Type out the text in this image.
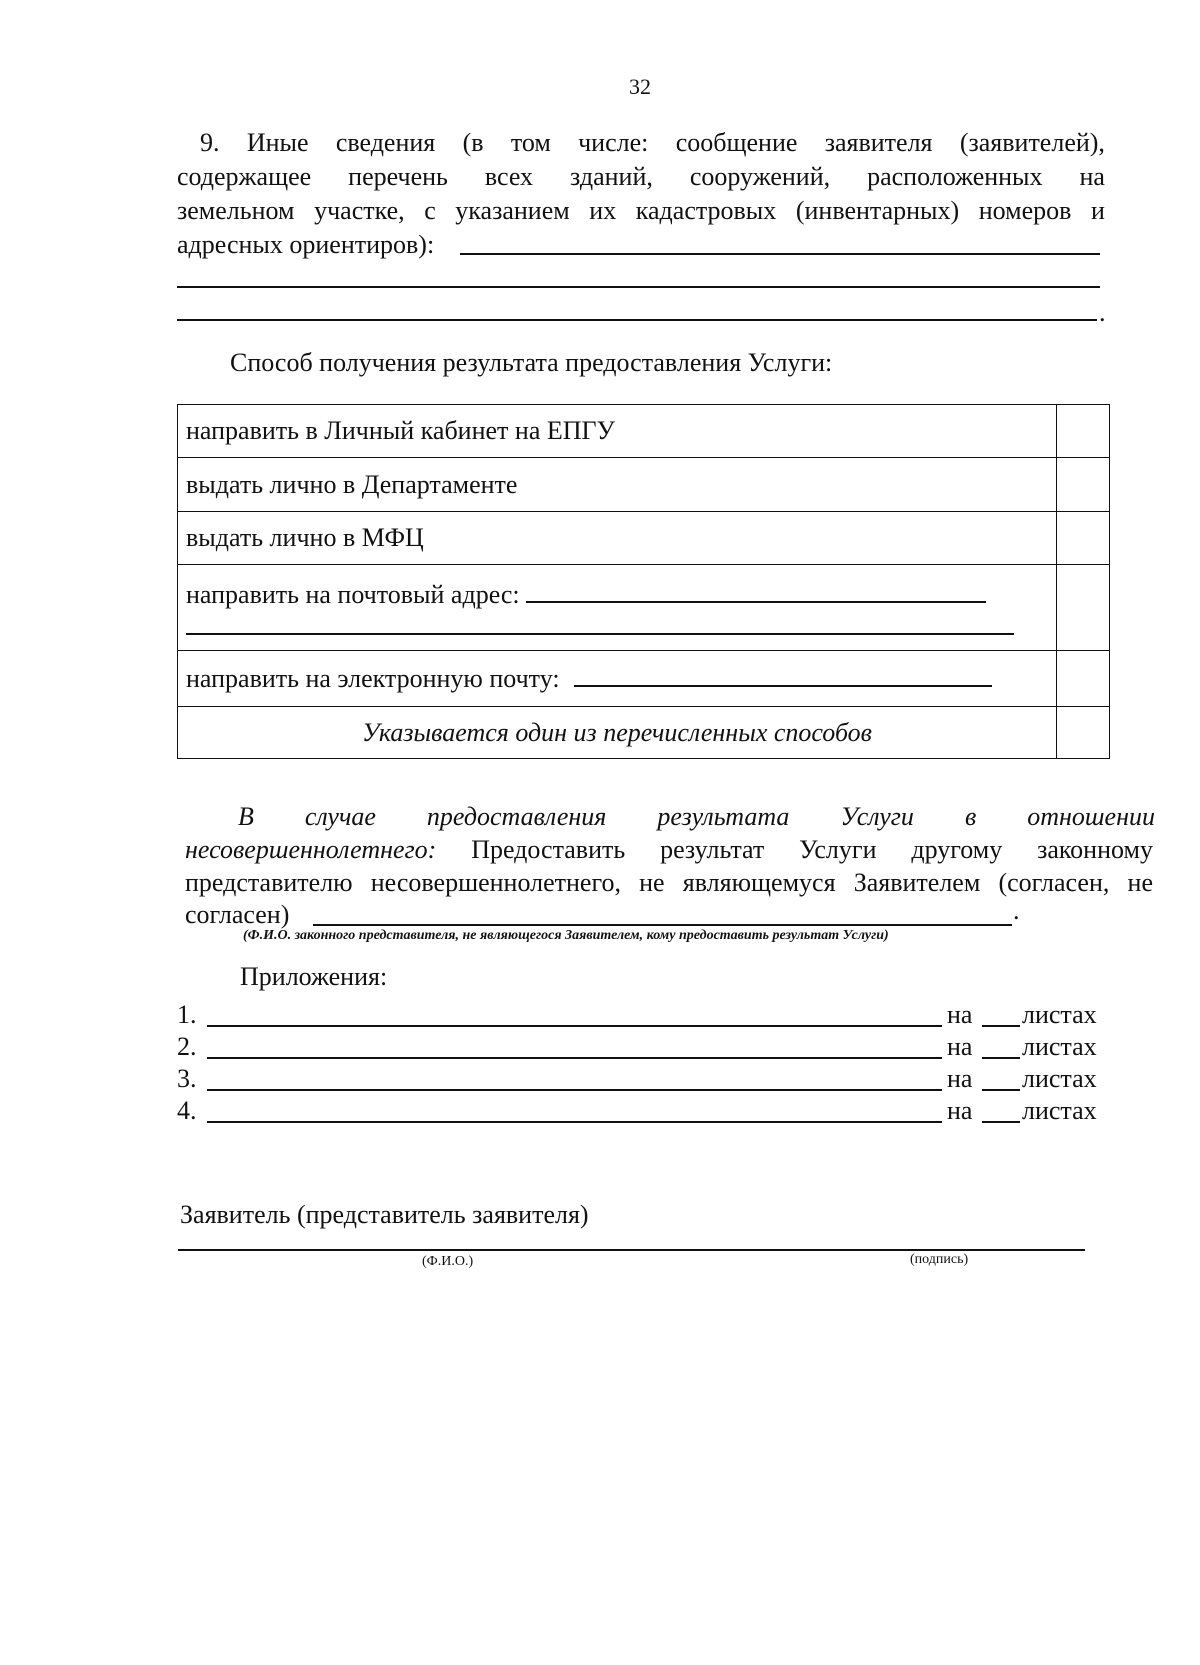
32
9. Иные сведения (в том числе: сообщение заявителя (заявителей),
содержащее перечень всех зданий, сооружений, расположенных на
земельном участке, с указанием их кадастровых (инвентарных) номеров и
адресных ориентиров):
.
Способ получения результата предоставления Услуги:
направить в Личный кабинет на ЕПГУ	
выдать лично в Департаменте	
выдать лично в МФЦ	

направить на почтовый адрес:	

направить на электронную почту:	
Указывается один из перечисленных способов	
В случае предоставления результата Услуги в отношении
несовершеннолетнего: Предоставить результат Услуги другому законному
представителю несовершеннолетнего, не являющемуся Заявителем (согласен, не
согласен)	.
(Ф.И.О. законного представителя, не являющегося Заявителем, кому предоставить результат Услуги)
Приложения:
1.	на листах
2.	на листах
3.	на листах
4.	на листах
Заявитель (представитель заявителя)
(Ф.И.О.)	(подпись)
